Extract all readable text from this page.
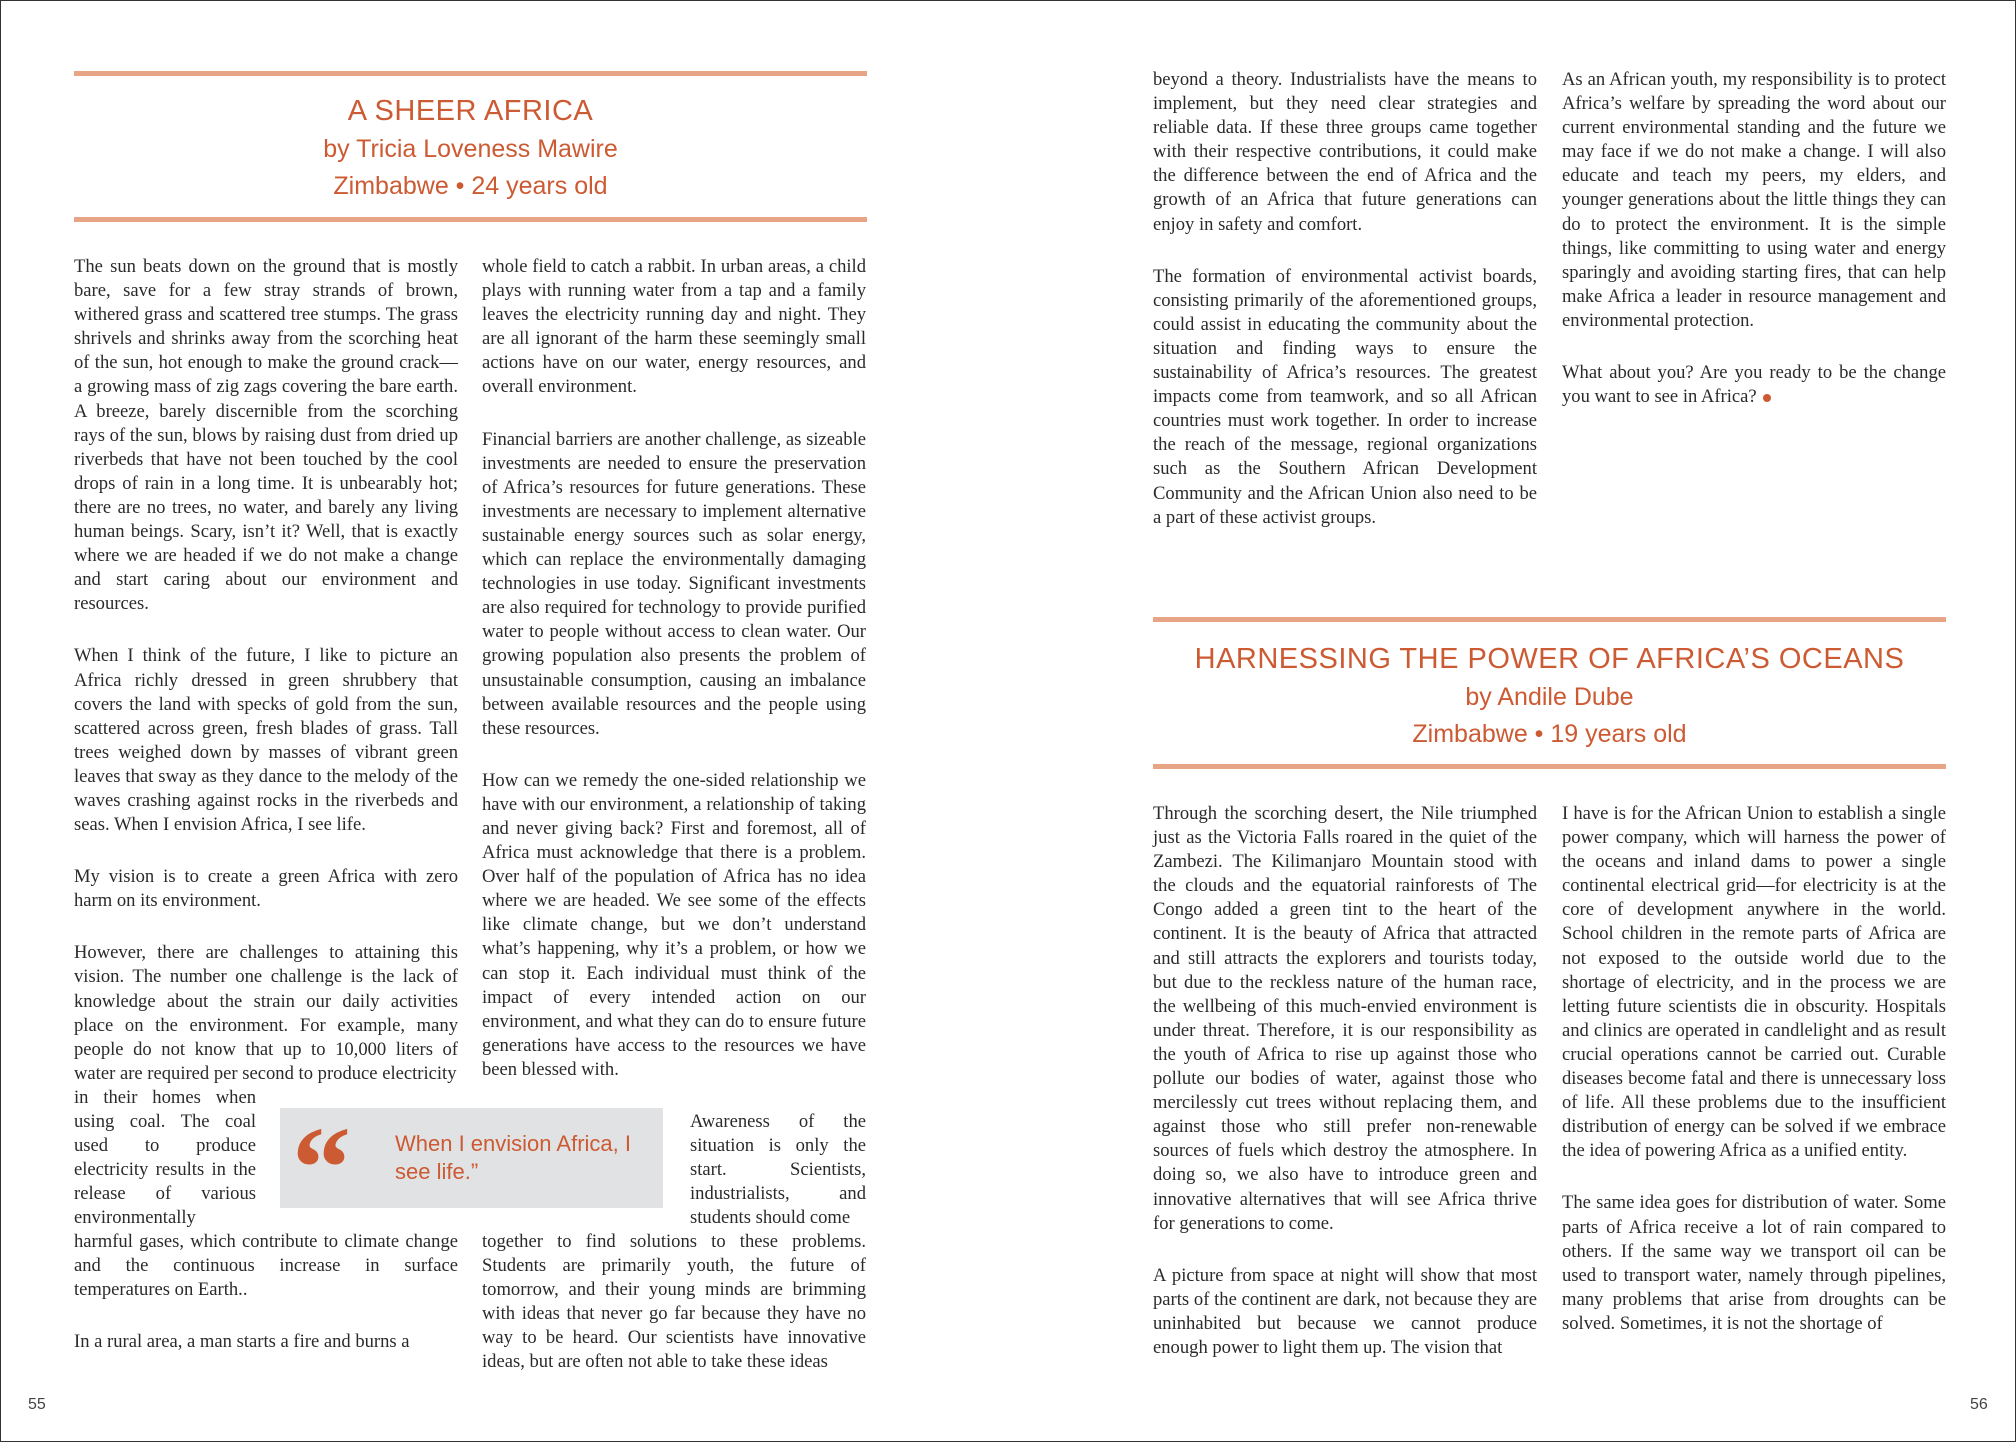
A SHEER AFRICA

by Tricia Loveness Mawire

Zimbabwe • 24 years old

The sun beats down on the ground that is mostly bare, save for a few stray strands of brown, withered grass and scattered tree stumps. The grass shrivels and shrinks away from the scorching heat of the sun, hot enough to make the ground crack—a growing mass of zig zags covering the bare earth. A breeze, barely discernible from the scorching rays of the sun, blows by raising dust from dried up riverbeds that have not been touched by the cool drops of rain in a long time. It is unbearably hot; there are no trees, no water, and barely any living human beings. Scary, isn’t it? Well, that is exactly where we are headed if we do not make a change and start caring about our environment and resources.

When I think of the future, I like to picture an Africa richly dressed in green shrubbery that covers the land with specks of gold from the sun, scattered across green, fresh blades of grass. Tall trees weighed down by masses of vibrant green leaves that sway as they dance to the melody of the waves crashing against rocks in the riverbeds and seas. When I envision Africa, I see life.

My vision is to create a green Africa with zero harm on its environment.

However, there are challenges to attaining this vision. The number one challenge is the lack of knowledge about the strain our daily activities place on the environment. For example, many people do not know that up to 10,000 liters of water are required per second to produce electricity

in their homes when using coal. The coal used to produce electricity results in the release of various environmentally

harmful gases, which contribute to climate change and the continuous increase in surface temperatures on Earth..

In a rural area, a man starts a fire and burns a

whole field to catch a rabbit. In urban areas, a child plays with running water from a tap and a family leaves the electricity running day and night. They are all ignorant of the harm these seemingly small actions have on our water, energy resources, and overall environment.

Financial barriers are another challenge, as sizeable investments are needed to ensure the preservation of Africa’s resources for future generations. These investments are necessary to implement alternative sustainable energy sources such as solar energy, which can replace the environmentally damaging technologies in use today. Significant investments are also required for technology to provide purified water to people without access to clean water. Our growing population also presents the problem of unsustainable consumption, causing an imbalance between available resources and the people using these resources.

How can we remedy the one-sided relationship we have with our environment, a relationship of taking and never giving back? First and foremost, all of Africa must acknowledge that there is a problem. Over half of the population of Africa has no idea where we are headed. We see some of the effects like climate change, but we don’t understand what’s happening, why it’s a problem, or how we can stop it. Each individual must think of the impact of every intended action on our environment, and what they can do to ensure future generations have access to the resources we have been blessed with.

Awareness of the situation is only the start. Scientists, industrialists, and students should come

together to find solutions to these problems. Students are primarily youth, the future of tomorrow, and their young minds are brimming with ideas that never go far because they have no way to be heard. Our scientists have innovative ideas, but are often not able to take these ideas

“ When I envision Africa, I see life.”

beyond a theory. Industrialists have the means to implement, but they need clear strategies and reliable data. If these three groups came together with their respective contributions, it could make the difference between the end of Africa and the growth of an Africa that future generations can enjoy in safety and comfort.

The formation of environmental activist boards, consisting primarily of the aforementioned groups, could assist in educating the community about the situation and finding ways to ensure the sustainability of Africa’s resources. The greatest impacts come from teamwork, and so all African countries must work together. In order to increase the reach of the message, regional organizations such as the Southern African Development Community and the African Union also need to be a part of these activist groups.

As an African youth, my responsibility is to protect Africa’s welfare by spreading the word about our current environmental standing and the future we may face if we do not make a change. I will also educate and teach my peers, my elders, and younger generations about the little things they can do to protect the environment. It is the simple things, like committing to using water and energy sparingly and avoiding starting fires, that can help make Africa a leader in resource management and environmental protection.

What about you? Are you ready to be the change you want to see in Africa?

HARNESSING THE POWER OF AFRICA’S OCEANS

by Andile Dube

Zimbabwe • 19 years old

Through the scorching desert, the Nile triumphed just as the Victoria Falls roared in the quiet of the Zambezi. The Kilimanjaro Mountain stood with the clouds and the equatorial rainforests of The Congo added a green tint to the heart of the continent. It is the beauty of Africa that attracted and still attracts the explorers and tourists today, but due to the reckless nature of the human race, the wellbeing of this much-envied environment is under threat. Therefore, it is our responsibility as the youth of Africa to rise up against those who pollute our bodies of water, against those who mercilessly cut trees without replacing them, and against those who still prefer non-renewable sources of fuels which destroy the atmosphere. In doing so, we also have to introduce green and innovative alternatives that will see Africa thrive for generations to come.

A picture from space at night will show that most parts of the continent are dark, not because they are uninhabited but because we cannot produce enough power to light them up. The vision that

I have is for the African Union to establish a single power company, which will harness the power of the oceans and inland dams to power a single continental electrical grid—for electricity is at the core of development anywhere in the world. School children in the remote parts of Africa are not exposed to the outside world due to the shortage of electricity, and in the process we are letting future scientists die in obscurity. Hospitals and clinics are operated in candlelight and as result crucial operations cannot be carried out. Curable diseases become fatal and there is unnecessary loss of life. All these problems due to the insufficient distribution of energy can be solved if we embrace the idea of powering Africa as a unified entity.

The same idea goes for distribution of water. Some parts of Africa receive a lot of rain compared to others. If the same way we transport oil can be used to transport water, namely through pipelines, many problems that arise from droughts can be solved. Sometimes, it is not the shortage of

55	56
